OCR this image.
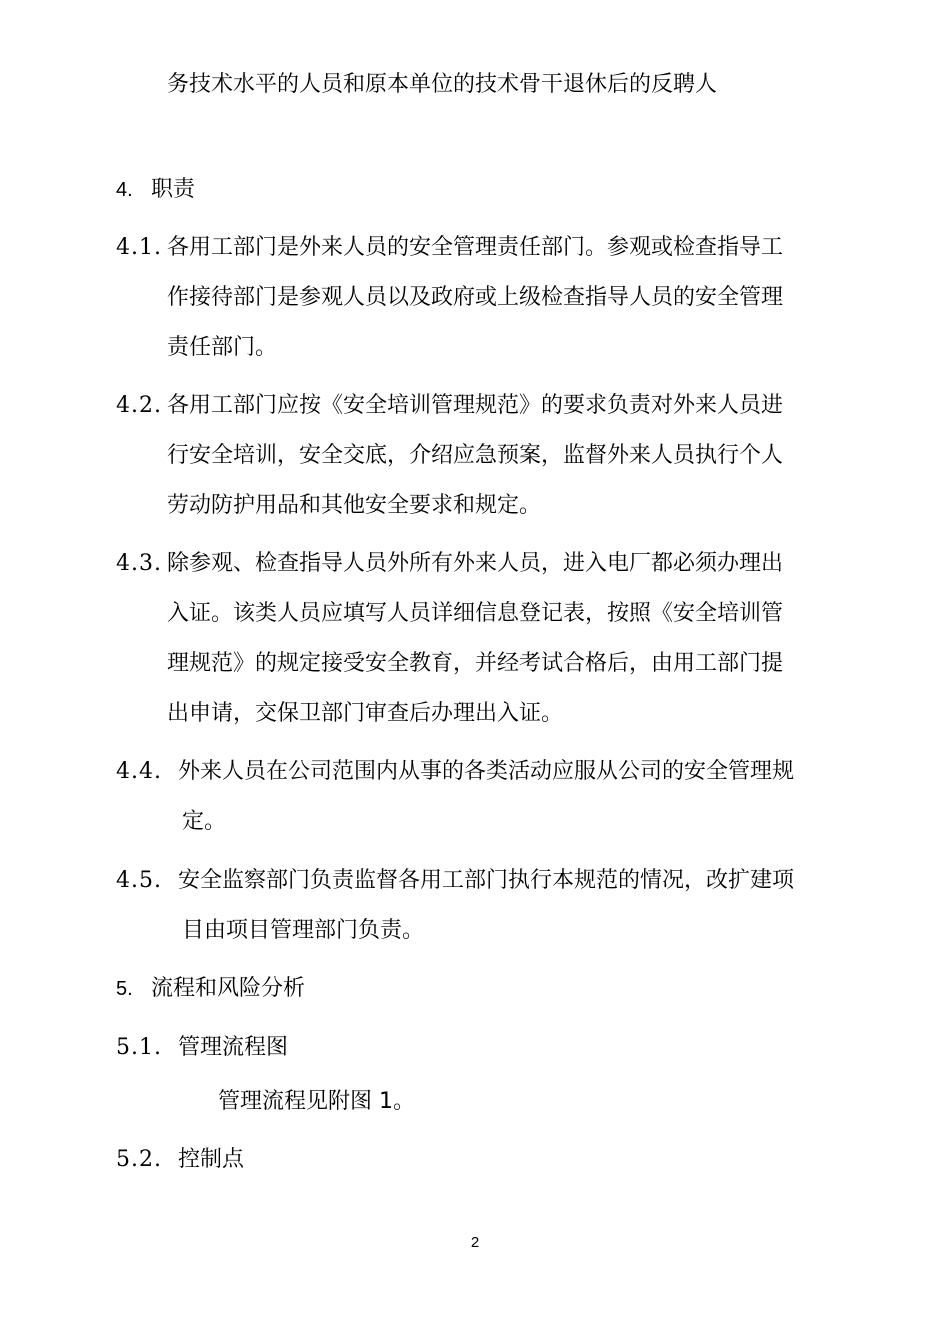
务技术水平的人员和原本单位的技术骨干退休后的反聘人
4. 职责
4.1. 各用工部门是外来人员的安全管理责任部门。参观或检查指导工
作接待部门是参观人员以及政府或上级检查指导人员的安全管理
责任部门。
4.2. 各用工部门应按《安全培训管理规范》的要求负责对外来人员进
行安全培训，安全交底，介绍应急预案，监督外来人员执行个人
劳动防护用品和其他安全要求和规定。
4.3. 除参观、检查指导人员外所有外来人员，进入电厂都必须办理出
入证。该类人员应填写人员详细信息登记表，按照《安全培训管
理规范》的规定接受安全教育，并经考试合格后，由用工部门提
出申请，交保卫部门审查后办理出入证。
4.4. 外来人员在公司范围内从事的各类活动应服从公司的安全管理规
定。
4.5. 安全监察部门负责监督各用工部门执行本规范的情况，改扩建项
目由项目管理部门负责。
5. 流程和风险分析
5.1. 管理流程图
管理流程见附图 1。
5.2. 控制点
2
